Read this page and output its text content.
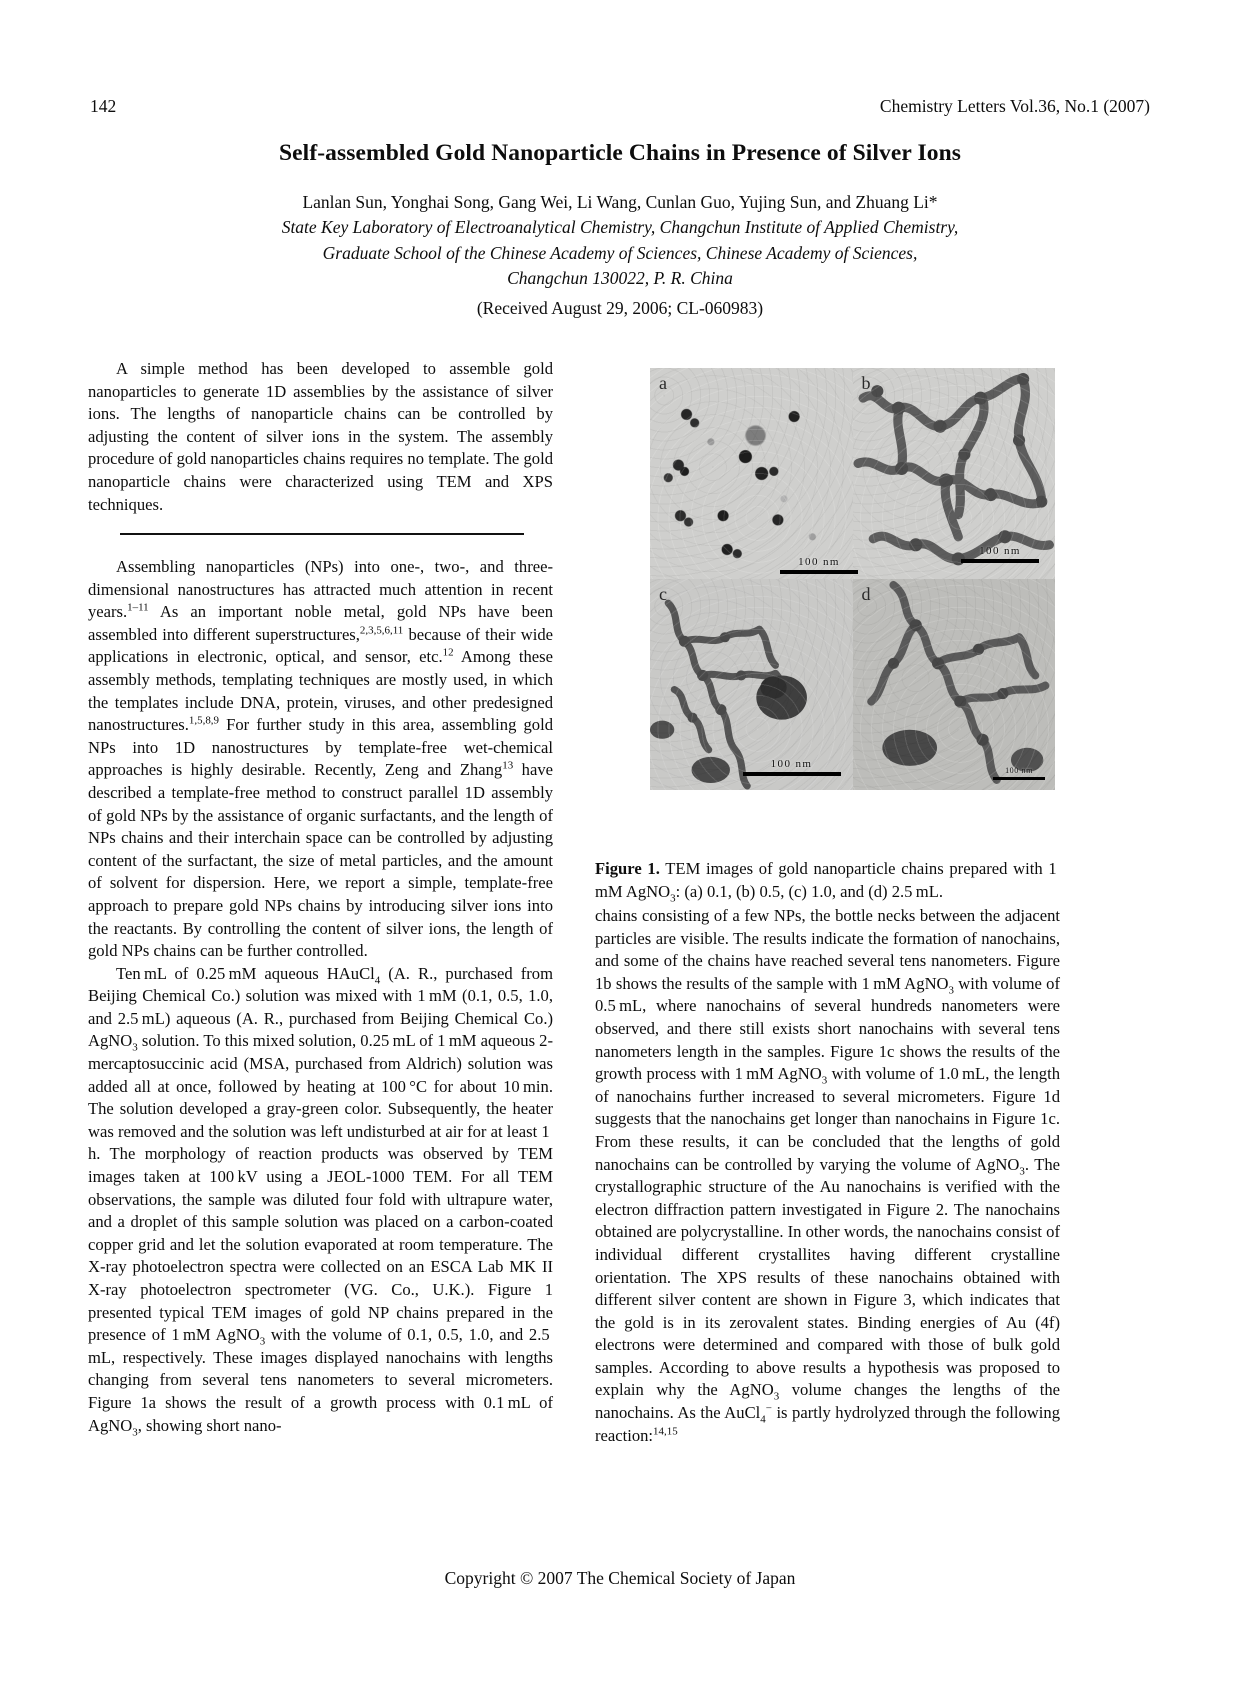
142	Chemistry Letters Vol.36, No.1 (2007)
Self-assembled Gold Nanoparticle Chains in Presence of Silver Ions
Lanlan Sun, Yonghai Song, Gang Wei, Li Wang, Cunlan Guo, Yujing Sun, and Zhuang Li*
State Key Laboratory of Electroanalytical Chemistry, Changchun Institute of Applied Chemistry,
Graduate School of the Chinese Academy of Sciences, Chinese Academy of Sciences,
Changchun 130022, P. R. China
(Received August 29, 2006; CL-060983)

A simple method has been developed to assemble gold nanoparticles to generate 1D assemblies by the assistance of silver ions. The lengths of nanoparticle chains can be controlled by adjusting the content of silver ions in the system. The assembly procedure of gold nanoparticles chains requires no template. The gold nanoparticle chains were characterized using TEM and XPS techniques.

Assembling nanoparticles (NPs) into one-, two-, and three-dimensional nanostructures has attracted much attention in recent years.$^{1-11}$ As an important noble metal, gold NPs have been assembled into different superstructures,$^{2,3,5,6,11}$ because of their wide applications in electronic, optical, and sensor, etc.$^{12}$ Among these assembly methods, templating techniques are mostly used, in which the templates include DNA, protein, viruses, and other predesigned nanostructures.$^{1,5,8,9}$ For further study in this area, assembling gold NPs into 1D nanostructures by template-free wet-chemical approaches is highly desirable. Recently, Zeng and Zhang$^{13}$ have described a template-free method to construct parallel 1D assembly of gold NPs by the assistance of organic surfactants, and the length of NPs chains and their interchain space can be controlled by adjusting content of the surfactant, the size of metal particles, and the amount of solvent for dispersion. Here, we report a simple, template-free approach to prepare gold NPs chains by introducing silver ions into the reactants. By controlling the content of silver ions, the length of gold NPs chains can be further controlled.

Ten mL of 0.25 mM aqueous HAuCl$_4$ (A. R., purchased from Beijing Chemical Co.) solution was mixed with 1 mM (0.1, 0.5, 1.0, and 2.5 mL) aqueous (A. R., purchased from Beijing Chemical Co.) AgNO$_3$ solution. To this mixed solution, 0.25 mL of 1 mM aqueous 2-mercaptosuccinic acid (MSA, purchased from Aldrich) solution was added all at once, followed by heating at 100 °C for about 10 min. The solution developed a gray-green color. Subsequently, the heater was removed and the solution was left undisturbed at air for at least 1 h. The morphology of reaction products was observed by TEM images taken at 100 kV using a JEOL-1000 TEM. For all TEM observations, the sample was diluted four fold with ultrapure water, and a droplet of this sample solution was placed on a carbon-coated copper grid and let the solution evaporated at room temperature. The X-ray photoelectron spectra were collected on an ESCA Lab MK II X-ray photoelectron spectrometer (VG. Co., U.K.). Figure 1 presented typical TEM images of gold NP chains prepared in the presence of 1 mM AgNO$_3$ with the volume of 0.1, 0.5, 1.0, and 2.5 mL, respectively. These images displayed nanochains with lengths changing from several tens nanometers to several micrometers. Figure 1a shows the result of a growth process with 0.1 mL of AgNO$_3$, showing short nano-

a	b
100 nm
c
100 nm
d
100 nm
100 nm
Figure 1. TEM images of gold nanoparticle chains prepared with 1 mM AgNO$_3$: (a) 0.1, (b) 0.5, (c) 1.0, and (d) 2.5 mL.

chains consisting of a few NPs, the bottle necks between the adjacent particles are visible. The results indicate the formation of nanochains, and some of the chains have reached several tens nanometers. Figure 1b shows the results of the sample with 1 mM AgNO$_3$ with volume of 0.5 mL, where nanochains of several hundreds nanometers were observed, and there still exists short nanochains with several tens nanometers length in the samples. Figure 1c shows the results of the growth process with 1 mM AgNO$_3$ with volume of 1.0 mL, the length of nanochains further increased to several micrometers. Figure 1d suggests that the nanochains get longer than nanochains in Figure 1c. From these results, it can be concluded that the lengths of gold nanochains can be controlled by varying the volume of AgNO$_3$. The crystallographic structure of the Au nanochains is verified with the electron diffraction pattern investigated in Figure 2. The nanochains obtained are polycrystalline. In other words, the nanochains consist of individual different crystallites having different crystalline orientation. The XPS results of these nanochains obtained with different silver content are shown in Figure 3, which indicates that the gold is in its zerovalent states. Binding energies of Au (4f) electrons were determined and compared with those of bulk gold samples. According to above results a hypothesis was proposed to explain why the AgNO$_3$ volume changes the lengths of the nanochains. As the AuCl$_4$− is partly hydrolyzed through the following reaction:$^{14,15}$

Copyright © 2007 The Chemical Society of Japan
